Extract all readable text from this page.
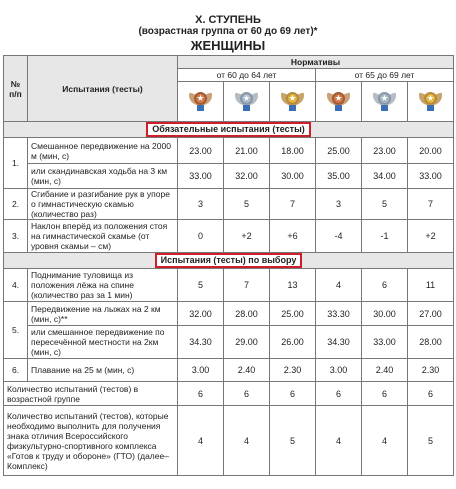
X. СТУПЕНЬ
(возрастная группа от 60 до 69 лет)*
ЖЕНЩИНЫ
№ п/п	Испытания (тесты)	Нормативы					
		от 60 до 64 лет			от 65 до 69 лет		

Обязательные испытания (тесты)							
1.	Смешанное передвижение на 2000 м (мин, с)	23.00	21.00	18.00	25.00	23.00	20.00
	или скандинавская ходьба на 3 км (мин, с)	33.00	32.00	30.00	35.00	34.00	33.00
2.	Сгибание и разгибание рук в упоре о гимнастическую скамью (количество раз)	3	5	7	3	5	7
3.	Наклон вперёд из положения стоя на гимнастической скамье (от уровня скамьи – см)	0	+2	+6	-4	-1	+2
Испытания (тесты) по выбору							
4.	Поднимание туловища из положения лёжа на спине (количество раз за 1 мин)	5	7	13	4	6	11
5.	Передвижение на лыжах на 2 км (мин, с)**	32.00	28.00	25.00	33.30	30.00	27.00
	или смешанное передвижение по пересечённой местности на 2км (мин, с)	34.30	29.00	26.00	34.30	33.00	28.00
6.	Плавание на 25 м (мин, с)	3.00	2.40	2.30	3.00	2.40	2.30
Количество испытаний (тестов) в возрастной группе		6	6	6	6	6	6
Количество испытаний (тестов), которые необходимо выполнить для получения знака отличия Всероссийского физкультурно-спортивного комплекса «Готов к труду и обороне» (ГТО) (далее–Комплекс)		4	4	5	4	4	5
